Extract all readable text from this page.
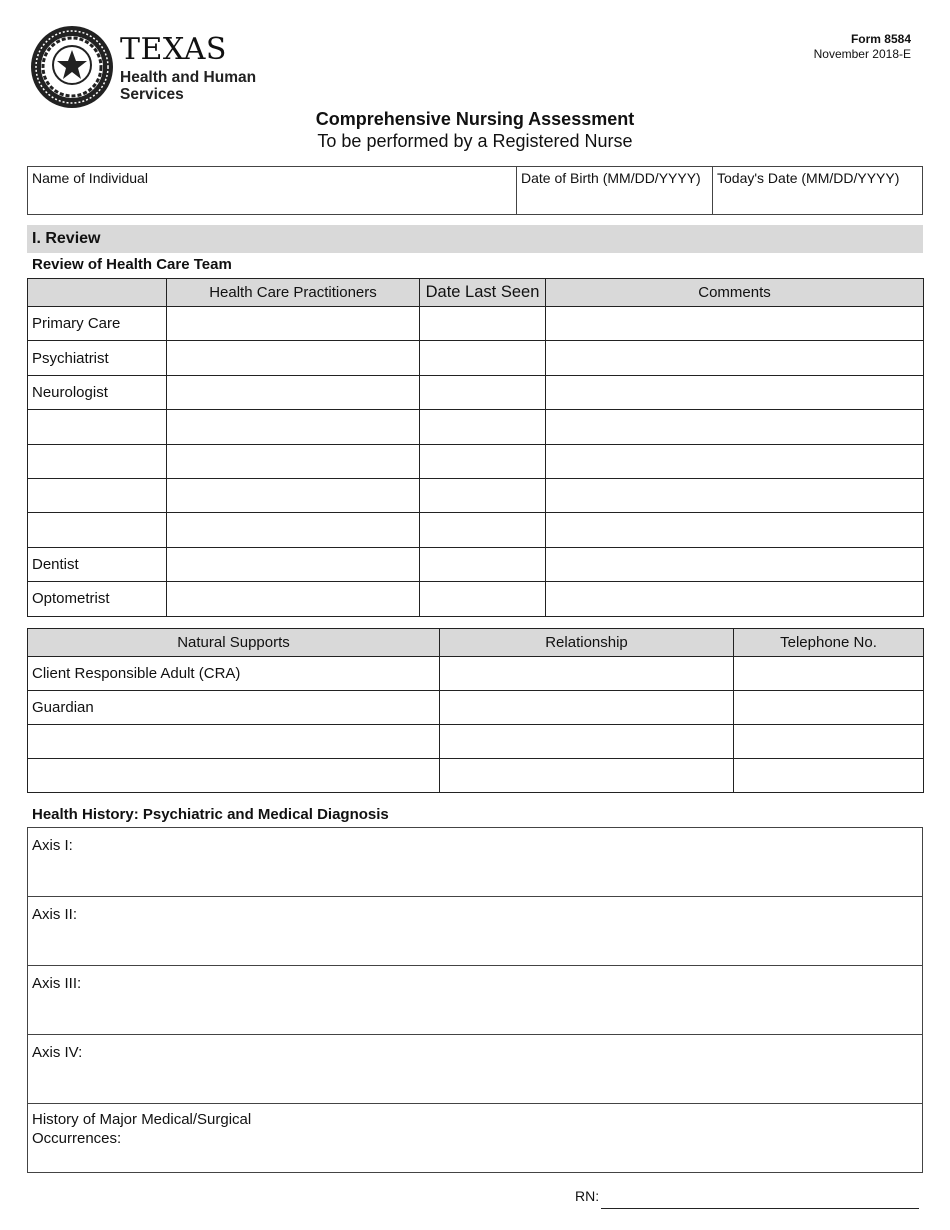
TEXAS
Health and Human
Services
Form 8584
November 2018-E
Comprehensive Nursing Assessment
To be performed by a Registered Nurse
Name of Individual	Date of Birth (MM/DD/YYYY)	Today's Date (MM/DD/YYYY)
I. Review
Review of Health Care Team
	Health Care Practitioners	Date Last Seen	Comments
Primary Care			
Psychiatrist			
Neurologist			

Dentist			
Optometrist			
Natural Supports	Relationship	Telephone No.
Client Responsible Adult (CRA)		
Guardian		

Health History: Psychiatric and Medical Diagnosis
Axis I:
Axis II:
Axis III:
Axis IV:
History of Major Medical/Surgical
Occurrences:
RN:
